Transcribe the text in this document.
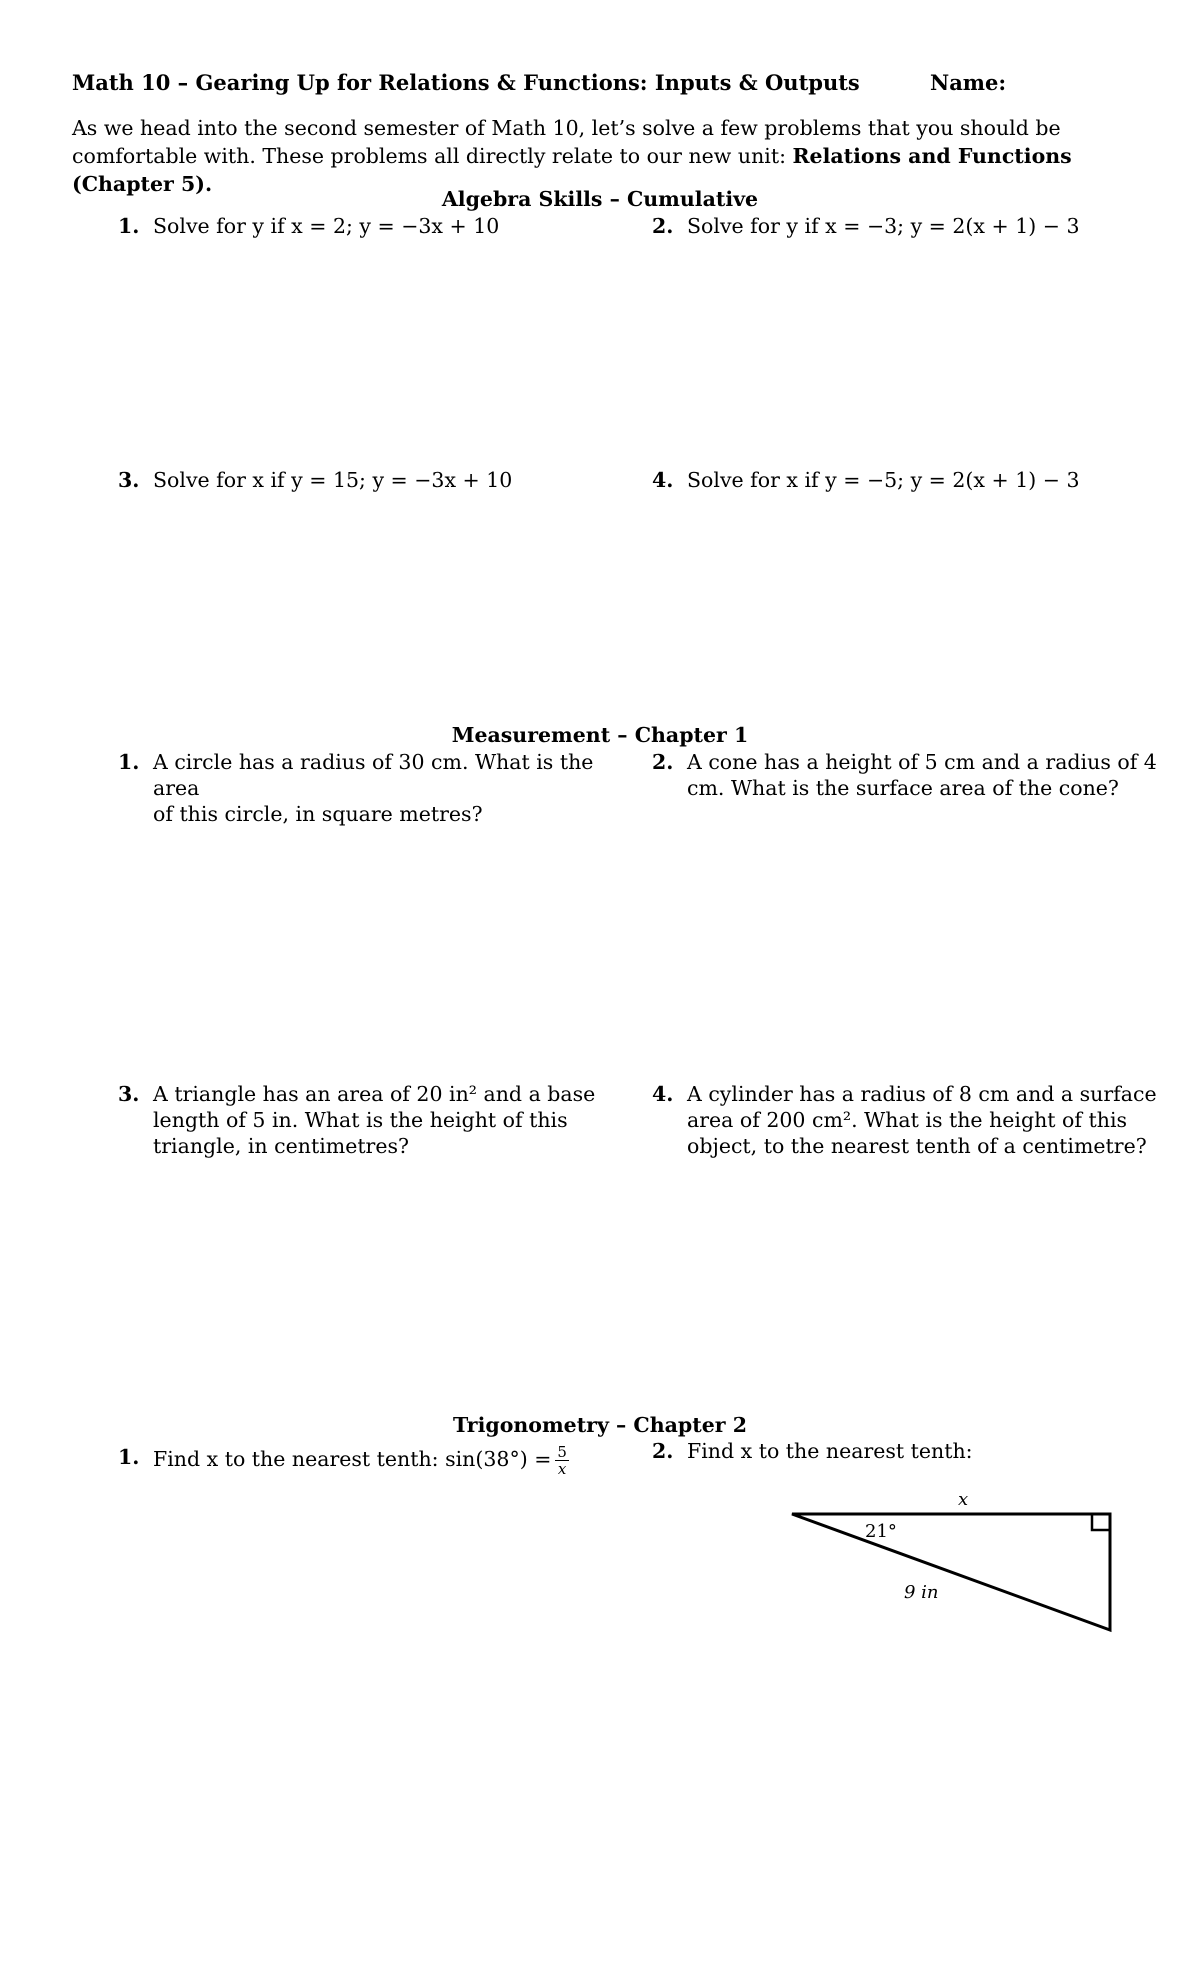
Math 10 – Gearing Up for Relations & Functions: Inputs & Outputs	Name:
As we head into the second semester of Math 10, let’s solve a few problems that you should be comfortable with. These problems all directly relate to our new unit: Relations and Functions (Chapter 5).
Algebra Skills – Cumulative
1. Solve for y if x = 2; y = −3x + 10	2. Solve for y if x = −3; y = 2(x + 1) − 3
3. Solve for x if y = 15; y = −3x + 10	4. Solve for x if y = −5; y = 2(x + 1) − 3
Measurement – Chapter 1
1. A circle has a radius of 30 cm. What is the area
of this circle, in square metres?
2. A cone has a height of 5 cm and a radius of 4
cm. What is the surface area of the cone?
3. A triangle has an area of 20 in² and a base
length of 5 in. What is the height of this
triangle, in centimetres?
4. A cylinder has a radius of 8 cm and a surface
area of 200 cm². What is the height of this
object, to the nearest tenth of a centimetre?
Trigonometry – Chapter 2
1. Find x to the nearest tenth: $\sin(38^\circ) = \frac{5}{x}$	2. Find x to the nearest tenth:
x
21°
9 in
